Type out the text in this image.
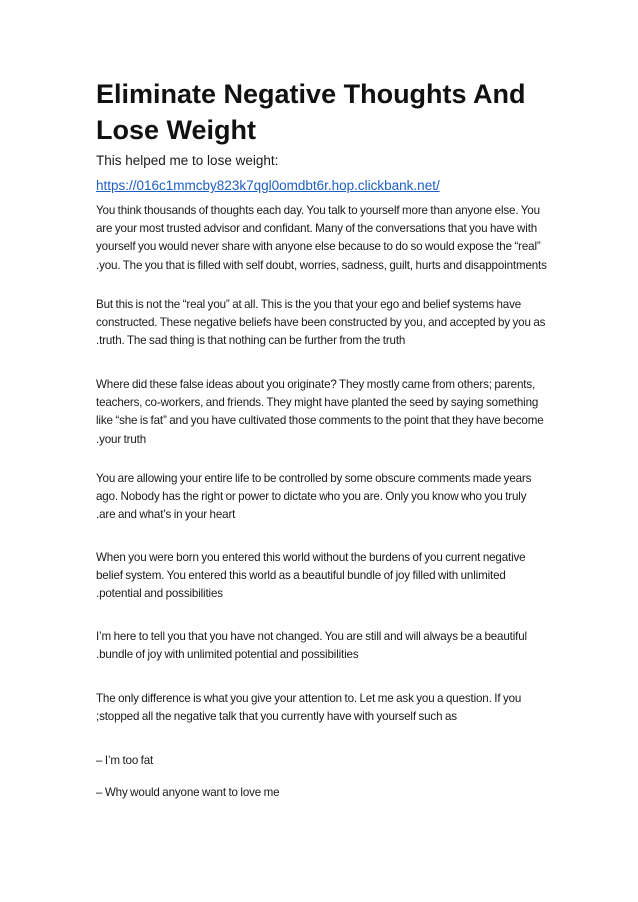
Eliminate Negative Thoughts And Lose Weight

This helped me to lose weight:

https://016c1mmcby823k7qgl0omdbt6r.hop.clickbank.net/

You think thousands of thoughts each day. You talk to yourself more than anyone else. You
are your most trusted advisor and confidant. Many of the conversations that you have with
yourself you would never share with anyone else because to do so would expose the “real”
.you. The you that is filled with self doubt, worries, sadness, guilt, hurts and disappointments

But this is not the “real you” at all. This is the you that your ego and belief systems have
constructed. These negative beliefs have been constructed by you, and accepted by you as
.truth. The sad thing is that nothing can be further from the truth

Where did these false ideas about you originate? They mostly came from others; parents,
teachers, co-workers, and friends. They might have planted the seed by saying something
like “she is fat” and you have cultivated those comments to the point that they have become
.your truth

You are allowing your entire life to be controlled by some obscure comments made years
ago. Nobody has the right or power to dictate who you are. Only you know who you truly
.are and what’s in your heart

When you were born you entered this world without the burdens of you current negative
belief system. You entered this world as a beautiful bundle of joy filled with unlimited
.potential and possibilities

I’m here to tell you that you have not changed. You are still and will always be a beautiful
.bundle of joy with unlimited potential and possibilities

The only difference is what you give your attention to. Let me ask you a question. If you
;stopped all the negative talk that you currently have with yourself such as

– I’m too fat

– Why would anyone want to love me
